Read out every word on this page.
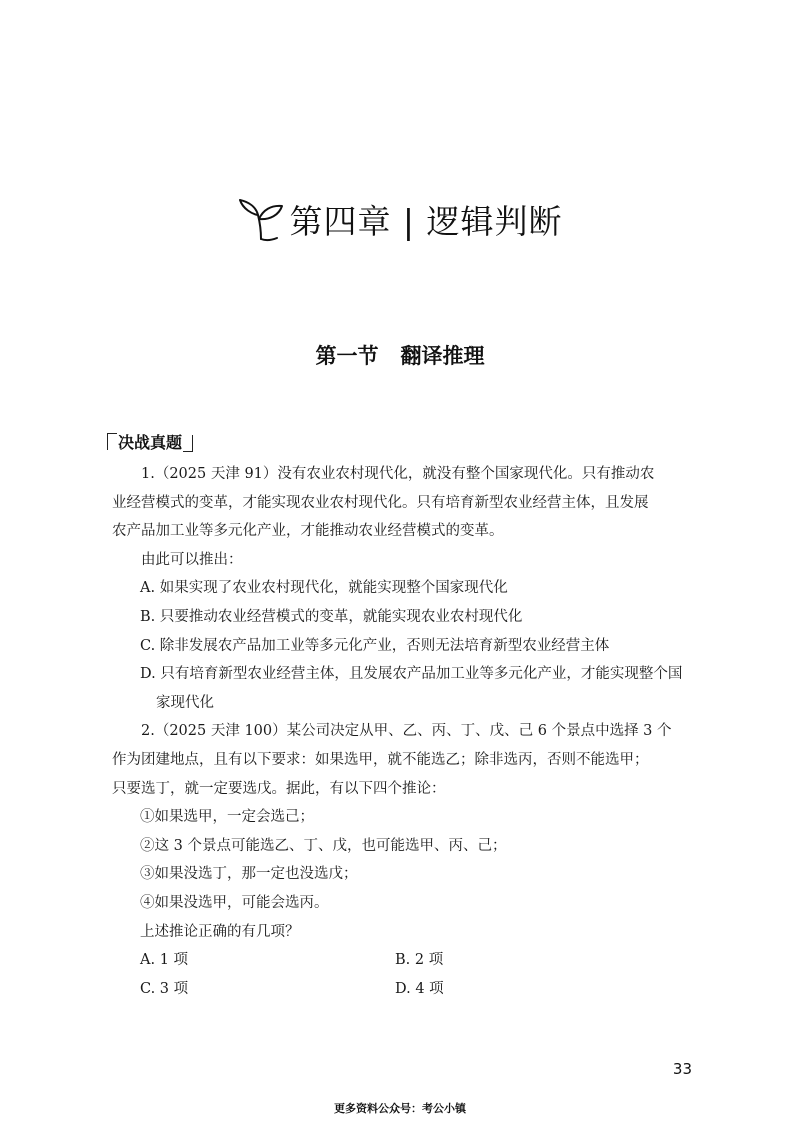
第四章 | 逻辑判断
第一节   翻译推理
决战真题
1.（2025 天津 91）没有农业农村现代化，就没有整个国家现代化。只有推动农
业经营模式的变革，才能实现农业农村现代化。只有培育新型农业经营主体，且发展
农产品加工业等多元化产业，才能推动农业经营模式的变革。
由此可以推出：
A. 如果实现了农业农村现代化，就能实现整个国家现代化
B. 只要推动农业经营模式的变革，就能实现农业农村现代化
C. 除非发展农产品加工业等多元化产业，否则无法培育新型农业经营主体
D. 只有培育新型农业经营主体，且发展农产品加工业等多元化产业，才能实现整个国家现代化
2.（2025 天津 100）某公司决定从甲、乙、丙、丁、戊、己 6 个景点中选择 3 个
作为团建地点，且有以下要求：如果选甲，就不能选乙；除非选丙，否则不能选甲；
只要选丁，就一定要选戊。据此，有以下四个推论：
①如果选甲，一定会选己；
②这 3 个景点可能选乙、丁、戊，也可能选甲、丙、己；
③如果没选丁，那一定也没选戊；
④如果没选甲，可能会选丙。
上述推论正确的有几项？
A. 1 项	B. 2 项
C. 3 项	D. 4 项
33
更多资料公众号：考公小镇
